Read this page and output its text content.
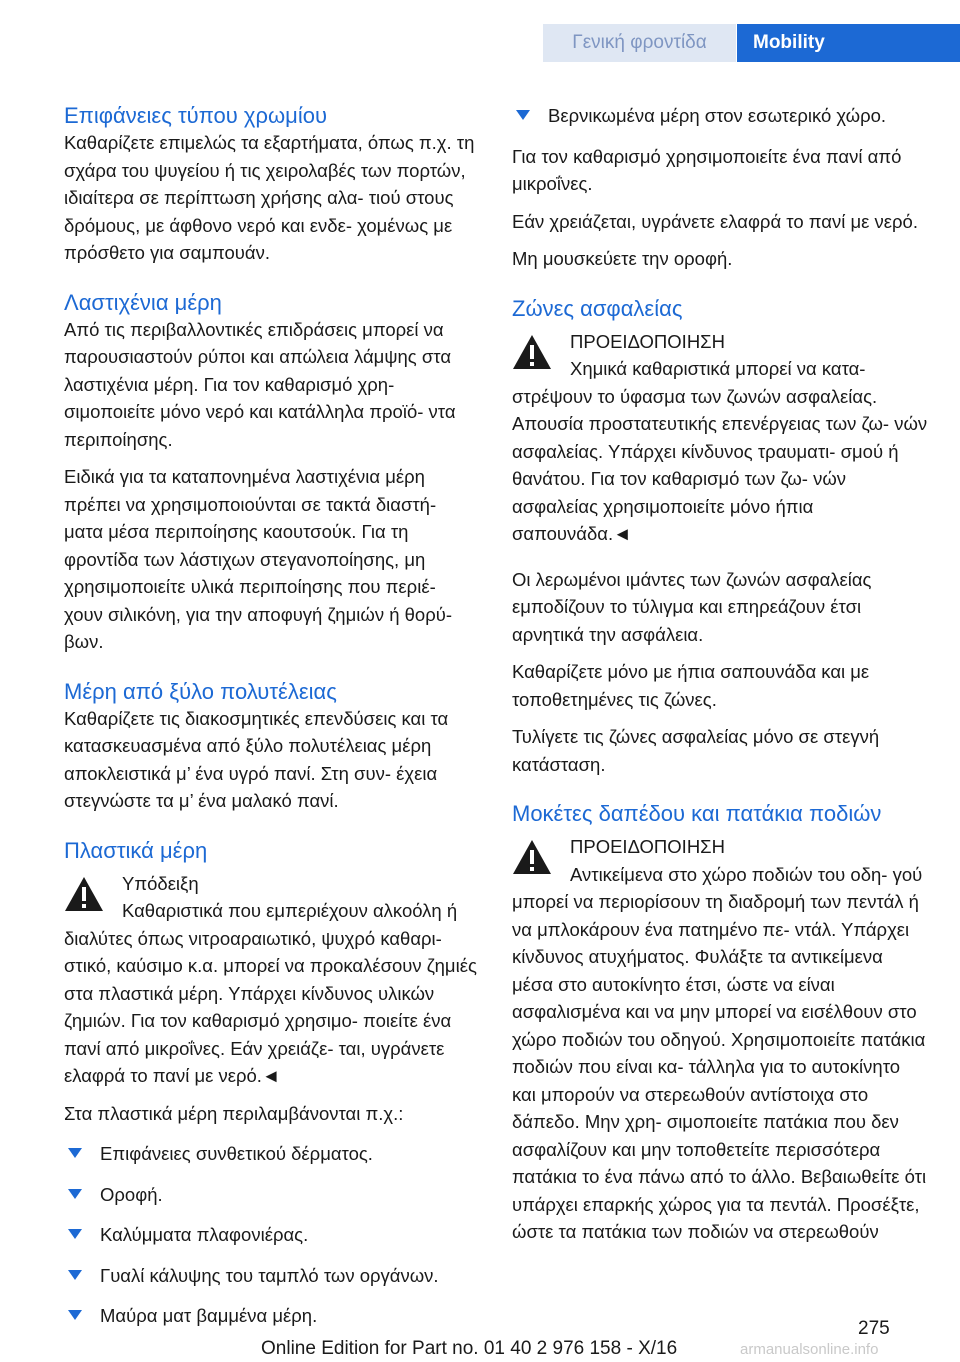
Γενική φροντίδα	Mobility
Επιφάνειες τύπου χρωμίου

Καθαρίζετε επιμελώς τα εξαρτήματα, όπως π.χ. τη σχάρα του ψυγείου ή τις χειρολαβές των πορτών, ιδιαίτερα σε περίπτωση χρήσης αλα‐ τιού στους δρόμους, με άφθονο νερό και ενδε‐ χομένως με πρόσθετο για σαμπουάν.

Λαστιχένια μέρη

Από τις περιβαλλοντικές επιδράσεις μπορεί να παρουσιαστούν ρύποι και απώλεια λάμψης στα λαστιχένια μέρη. Για τον καθαρισμό χρη‐ σιμοποιείτε μόνο νερό και κατάλληλα προϊό‐ ντα περιποίησης.

Ειδικά για τα καταπονημένα λαστιχένια μέρη πρέπει να χρησιμοποιούνται σε τακτά διαστή‐ ματα μέσα περιποίησης καουτσούκ. Για τη φροντίδα των λάστιχων στεγανοποίησης, μη χρησιμοποιείτε υλικά περιποίησης που περιέ‐ χουν σιλικόνη, για την αποφυγή ζημιών ή θορύ‐ βων.

Μέρη από ξύλο πολυτέλειας

Καθαρίζετε τις διακοσμητικές επενδύσεις και τα κατασκευασμένα από ξύλο πολυτέλειας μέρη αποκλειστικά μ’ ένα υγρό πανί. Στη συν‐ έχεια στεγνώστε τα μ’ ένα μαλακό πανί.

Πλαστικά μέρη

Υπόδειξη

Καθαριστικά που εμπεριέχουν αλκοόλη ή διαλύτες όπως νιτροαραιωτικό, ψυχρό καθαρι‐ στικό, καύσιμο κ.α. μπορεί να προκαλέσουν ζημιές στα πλαστικά μέρη. Υπάρχει κίνδυνος υλικών ζημιών. Για τον καθαρισμό χρησιμο‐ ποιείτε ένα πανί από μικροΐνες. Εάν χρειάζε‐ ται, υγράνετε ελαφρά το πανί με νερό.◄

Στα πλαστικά μέρη περιλαμβάνονται π.χ.:

Επιφάνειες συνθετικού δέρματος.
Οροφή.
Καλύμματα πλαφονιέρας.
Γυαλί κάλυψης του ταμπλό των οργάνων.
Μαύρα ματ βαμμένα μέρη.
Βερνικωμένα μέρη στον εσωτερικό χώρο.

Για τον καθαρισμό χρησιμοποιείτε ένα πανί από μικροΐνες.

Εάν χρειάζεται, υγράνετε ελαφρά το πανί με νερό.

Μη μουσκεύετε την οροφή.

Ζώνες ασφαλείας

ΠΡΟΕΙΔΟΠΟΙΗΣΗ

Χημικά καθαριστικά μπορεί να κατα‐ στρέψουν το ύφασμα των ζωνών ασφαλείας. Απουσία προστατευτικής επενέργειας των ζω‐ νών ασφαλείας. Υπάρχει κίνδυνος τραυματι‐ σμού ή θανάτου. Για τον καθαρισμό των ζω‐ νών ασφαλείας χρησιμοποιείτε μόνο ήπια σαπουνάδα.◄

Οι λερωμένοι ιμάντες των ζωνών ασφαλείας εμποδίζουν το τύλιγμα και επηρεάζουν έτσι αρνητικά την ασφάλεια.

Καθαρίζετε μόνο με ήπια σαπουνάδα και με τοποθετημένες τις ζώνες.

Τυλίγετε τις ζώνες ασφαλείας μόνο σε στεγνή κατάσταση.

Μοκέτες δαπέδου και πατάκια ποδιών

ΠΡΟΕΙΔΟΠΟΙΗΣΗ

Αντικείμενα στο χώρο ποδιών του οδη‐ γού μπορεί να περιορίσουν τη διαδρομή των πεντάλ ή να μπλοκάρουν ένα πατημένο πε‐ ντάλ. Υπάρχει κίνδυνος ατυχήματος. Φυλάξτε τα αντικείμενα μέσα στο αυτοκίνητο έτσι, ώστε να είναι ασφαλισμένα και να μην μπορεί να εισέλθουν στο χώρο ποδιών του οδηγού. Χρησιμοποιείτε πατάκια ποδιών που είναι κα‐ τάλληλα για το αυτοκίνητο και μπορούν να στερεωθούν αντίστοιχα στο δάπεδο. Μην χρη‐ σιμοποιείτε πατάκια που δεν ασφαλίζουν και μην τοποθετείτε περισσότερα πατάκια το ένα πάνω από το άλλο. Βεβαιωθείτε ότι υπάρχει επαρκής χώρος για τα πεντάλ. Προσέξτε, ώστε τα πατάκια των ποδιών να στερεωθούν

275
Online Edition for Part no. 01 40 2 976 158 - X/16	armanualsonline.info
